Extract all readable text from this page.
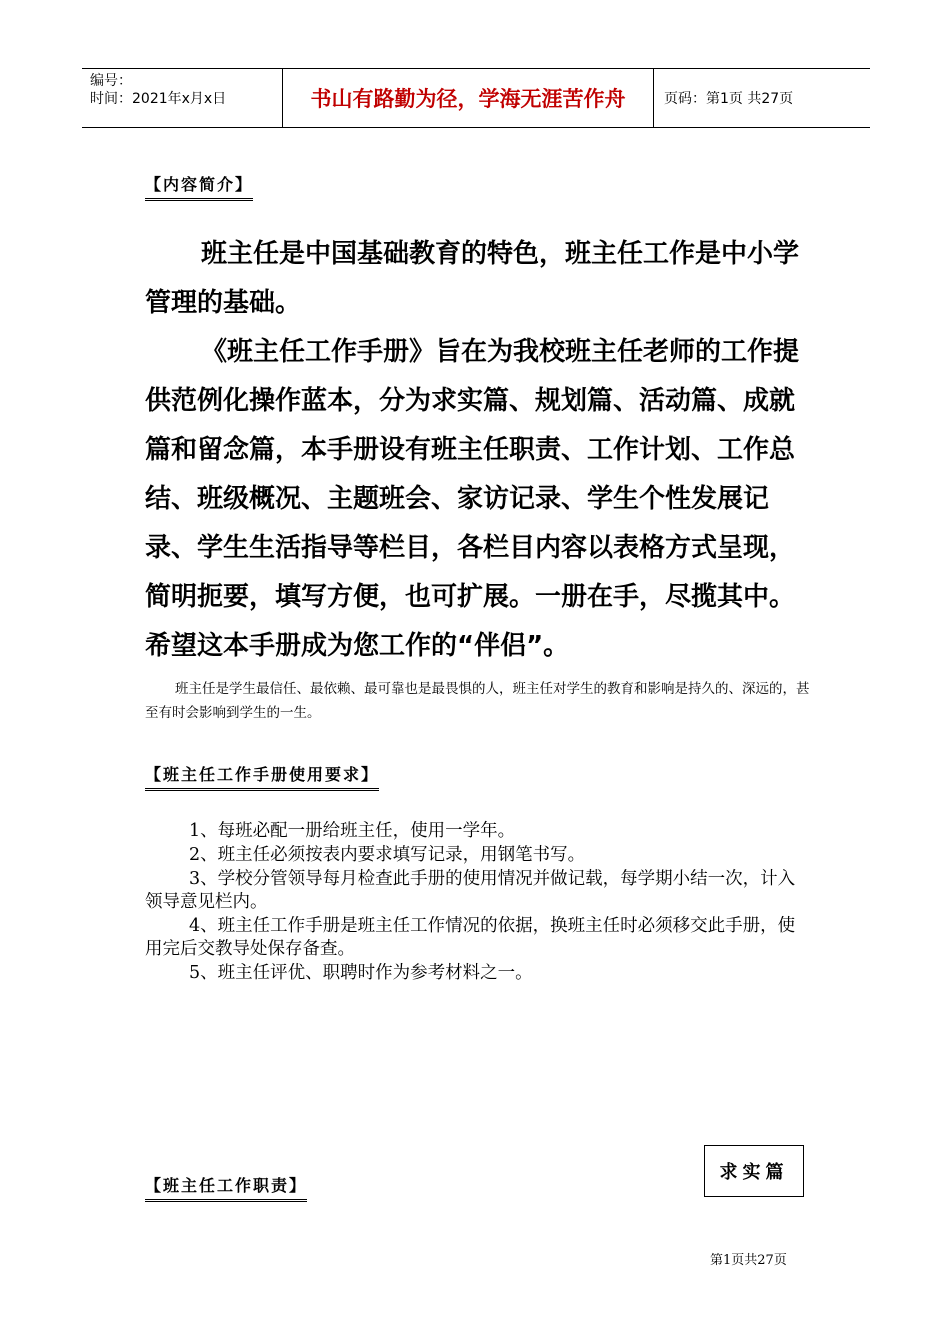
编号：
时间：2021年x月x日	书山有路勤为径，学海无涯苦作舟	页码：第1页 共27页
【内容简介】

班主任是中国基础教育的特色，班主任工作是中小学管理的基础。

《班主任工作手册》旨在为我校班主任老师的工作提供范例化操作蓝本，分为求实篇、规划篇、活动篇、成就篇和留念篇，本手册设有班主任职责、工作计划、工作总结、班级概况、主题班会、家访记录、学生个性发展记录、学生生活指导等栏目，各栏目内容以表格方式呈现，简明扼要，填写方便，也可扩展。一册在手，尽揽其中。希望这本手册成为您工作的“伴侣”。

班主任是学生最信任、最依赖、最可靠也是最畏惧的人，班主任对学生的教育和影响是持久的、深远的，甚至有时会影响到学生的一生。

【班主任工作手册使用要求】

1、每班必配一册给班主任，使用一学年。

2、班主任必须按表内要求填写记录，用钢笔书写。

3、学校分管领导每月检查此手册的使用情况并做记载，每学期小结一次，计入领导意见栏内。

4、班主任工作手册是班主任工作情况的依据，换班主任时必须移交此手册，使用完后交教导处保存备查。

5、班主任评优、职聘时作为参考材料之一。

求实篇
【班主任工作职责】
第1页共27页
